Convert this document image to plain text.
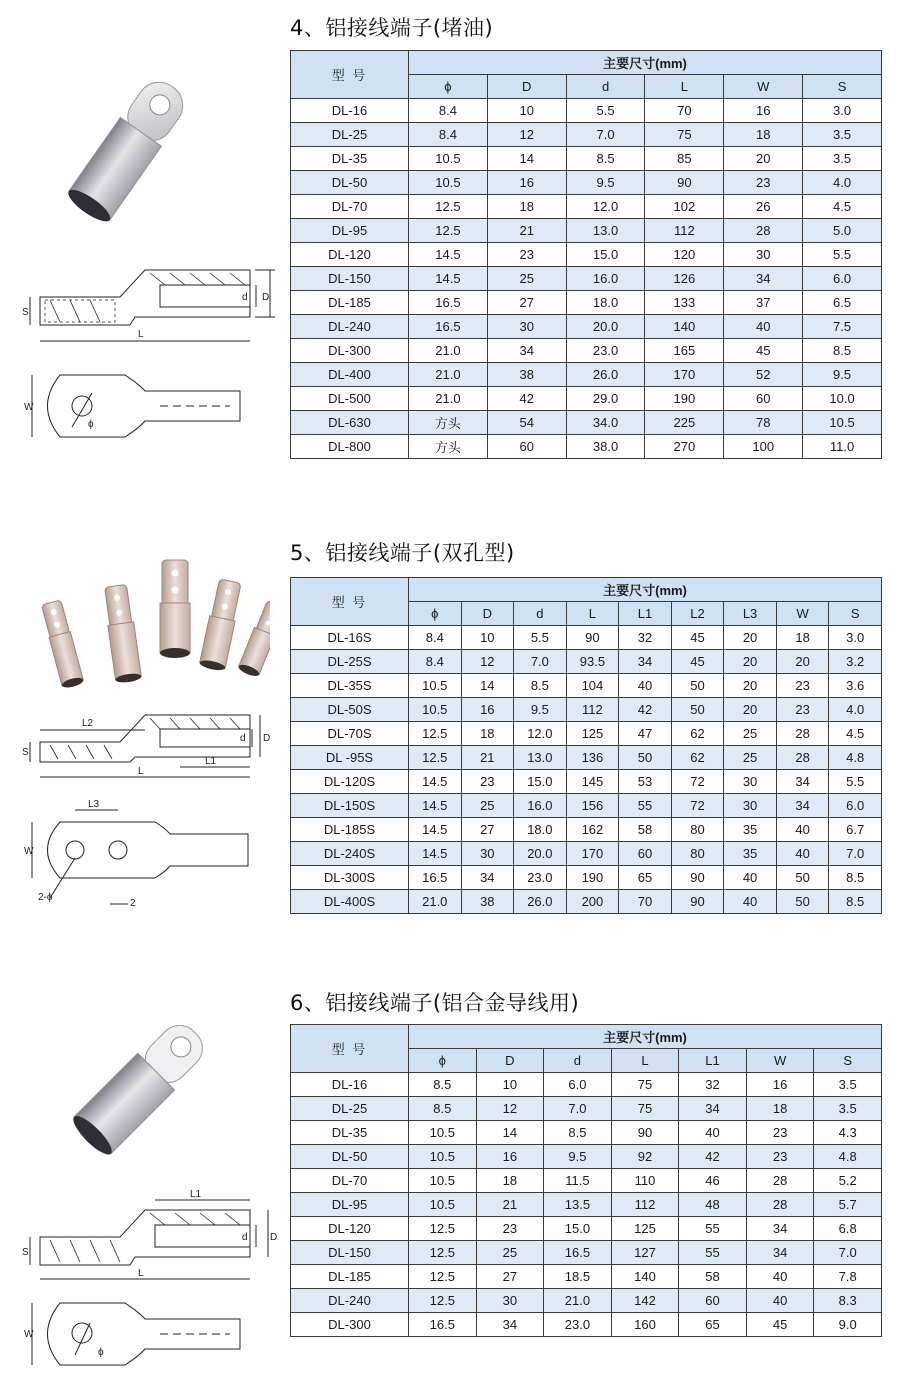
4、铝接线端子(堵油)
d D
S
L
W
ϕ
型 号	主要尺寸(mm)					
	ϕ	D	d	L	W	S
DL-16	8.4	10	5.5	70	16	3.0
DL-25	8.4	12	7.0	75	18	3.5
DL-35	10.5	14	8.5	85	20	3.5
DL-50	10.5	16	9.5	90	23	4.0
DL-70	12.5	18	12.0	102	26	4.5
DL-95	12.5	21	13.0	112	28	5.0
DL-120	14.5	23	15.0	120	30	5.5
DL-150	14.5	25	16.0	126	34	6.0
DL-185	16.5	27	18.0	133	37	6.5
DL-240	16.5	30	20.0	140	40	7.5
DL-300	21.0	34	23.0	165	45	8.5
DL-400	21.0	38	26.0	170	52	9.5
DL-500	21.0	42	29.0	190	60	10.0
DL-630	方头	54	34.0	225	78	10.5
DL-800	方头	60	38.0	270	100	11.0
5、铝接线端子(双孔型)
L2
d D
S
L1
L
L3
W
2-ϕ
2
型 号	主要尺寸(mm)								
	ϕ	D	d	L	L1	L2	L3	W	S
DL-16S	8.4	10	5.5	90	32	45	20	18	3.0
DL-25S	8.4	12	7.0	93.5	34	45	20	20	3.2
DL-35S	10.5	14	8.5	104	40	50	20	23	3.6
DL-50S	10.5	16	9.5	112	42	50	20	23	4.0
DL-70S	12.5	18	12.0	125	47	62	25	28	4.5
DL -95S	12.5	21	13.0	136	50	62	25	28	4.8
DL-120S	14.5	23	15.0	145	53	72	30	34	5.5
DL-150S	14.5	25	16.0	156	55	72	30	34	6.0
DL-185S	14.5	27	18.0	162	58	80	35	40	6.7
DL-240S	14.5	30	20.0	170	60	80	35	40	7.0
DL-300S	16.5	34	23.0	190	65	90	40	50	8.5
DL-400S	21.0	38	26.0	200	70	90	40	50	8.5
6、铝接线端子(铝合金导线用)
L1
d D
S
L
W
ϕ
型 号	主要尺寸(mm)						
	ϕ	D	d	L	L1	W	S
DL-16	8.5	10	6.0	75	32	16	3.5
DL-25	8.5	12	7.0	75	34	18	3.5
DL-35	10.5	14	8.5	90	40	23	4.3
DL-50	10.5	16	9.5	92	42	23	4.8
DL-70	10.5	18	11.5	110	46	28	5.2
DL-95	10.5	21	13.5	112	48	28	5.7
DL-120	12.5	23	15.0	125	55	34	6.8
DL-150	12.5	25	16.5	127	55	34	7.0
DL-185	12.5	27	18.5	140	58	40	7.8
DL-240	12.5	30	21.0	142	60	40	8.3
DL-300	16.5	34	23.0	160	65	45	9.0
